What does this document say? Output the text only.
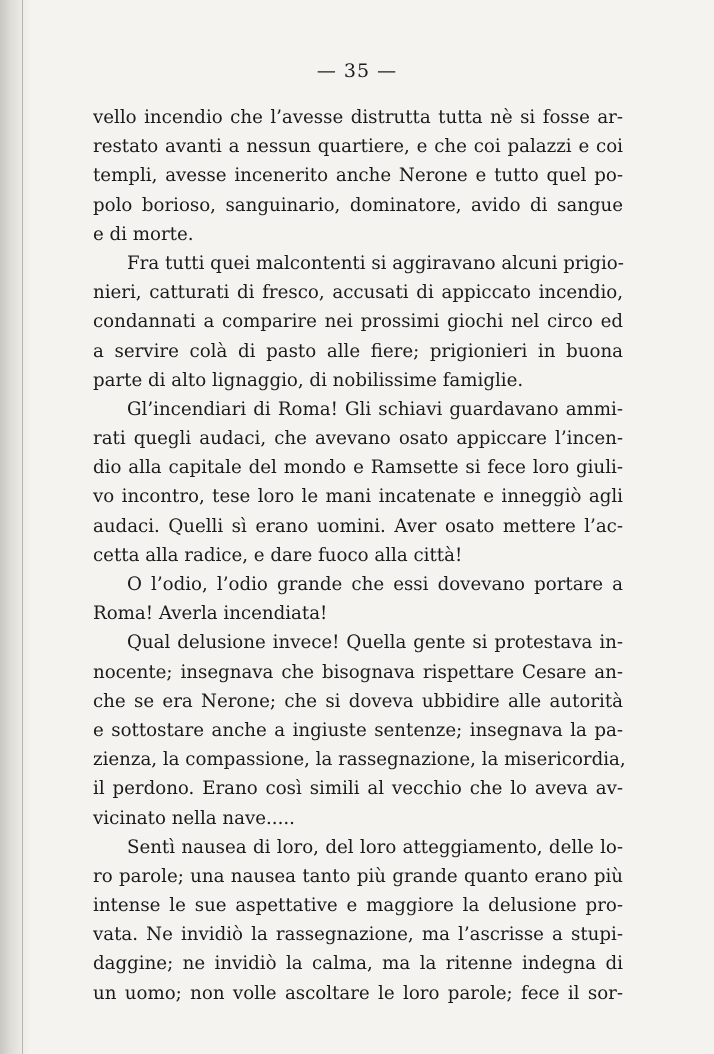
— 35 —
vello incendio che l’avesse distrutta tutta nè si fosse ar-
restato avanti a nessun quartiere, e che coi palazzi e coi
templi, avesse incenerito anche Nerone e tutto quel po-
polo borioso, sanguinario, dominatore, avido di sangue
e di morte.
Fra tutti quei malcontenti si aggiravano alcuni prigio-
nieri, catturati di fresco, accusati di appiccato incendio,
condannati a comparire nei prossimi giochi nel circo ed
a servire colà di pasto alle fiere; prigionieri in buona
parte di alto lignaggio, di nobilissime famiglie.
Gl’incendiari di Roma! Gli schiavi guardavano ammi-
rati quegli audaci, che avevano osato appiccare l’incen-
dio alla capitale del mondo e Ramsette si fece loro giuli-
vo incontro, tese loro le mani incatenate e inneggiò agli
audaci. Quelli sì erano uomini. Aver osato mettere l’ac-
cetta alla radice, e dare fuoco alla città!
O l’odio, l’odio grande che essi dovevano portare a
Roma! Averla incendiata!
Qual delusione invece! Quella gente si protestava in-
nocente; insegnava che bisognava rispettare Cesare an-
che se era Nerone; che si doveva ubbidire alle autorità
e sottostare anche a ingiuste sentenze; insegnava la pa-
zienza, la compassione, la rassegnazione, la misericordia,
il perdono. Erano così simili al vecchio che lo aveva av-
vicinato nella nave.....
Sentì nausea di loro, del loro atteggiamento, delle lo-
ro parole; una nausea tanto più grande quanto erano più
intense le sue aspettative e maggiore la delusione pro-
vata. Ne invidiò la rassegnazione, ma l’ascrisse a stupi-
daggine; ne invidiò la calma, ma la ritenne indegna di
un uomo; non volle ascoltare le loro parole; fece il sor-
